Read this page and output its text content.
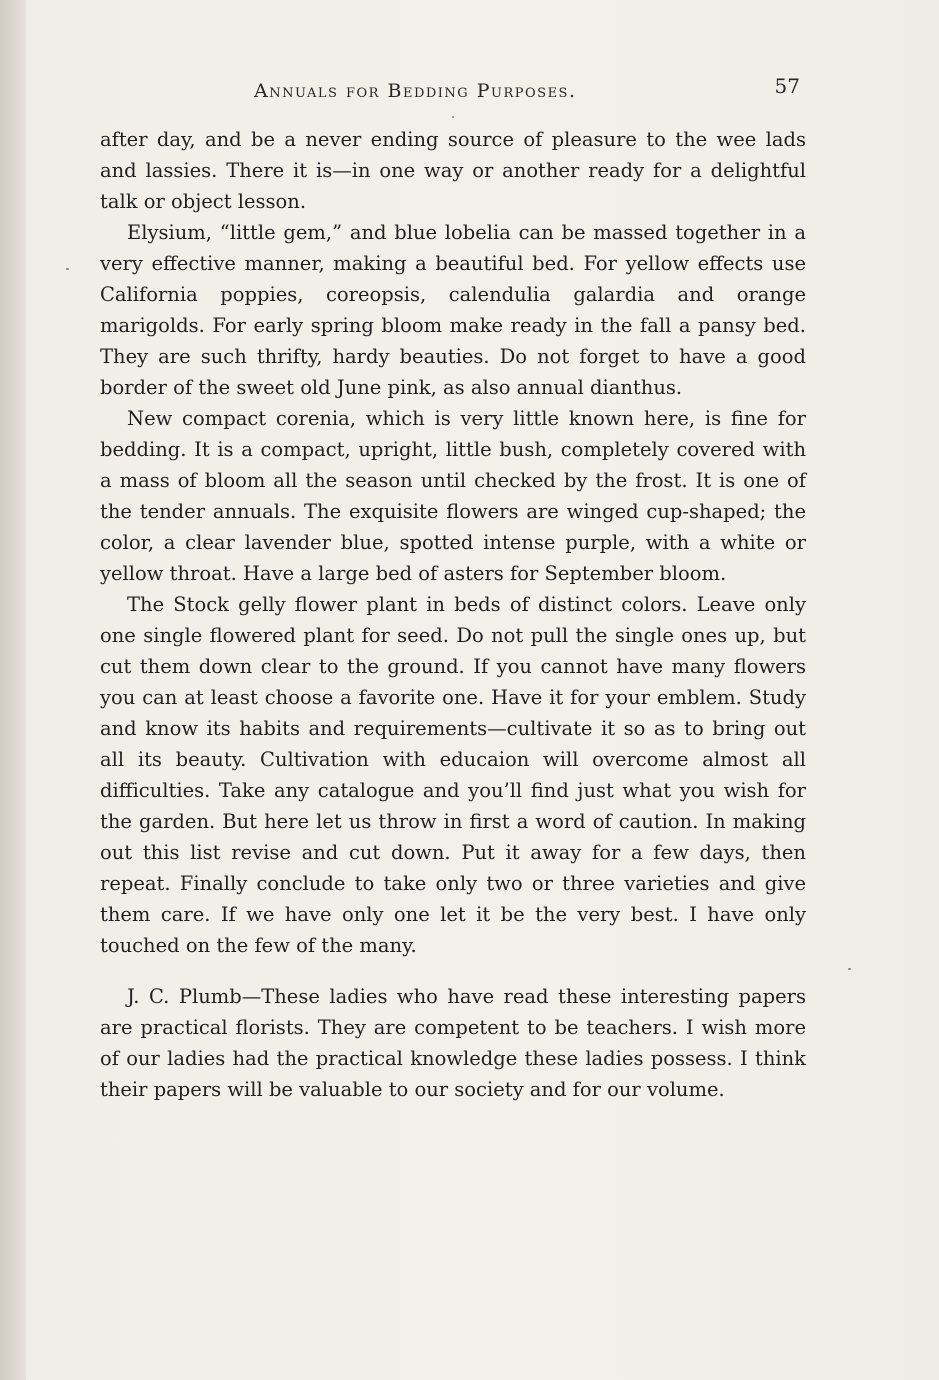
Annuals for Bedding Purposes.	57

after day, and be a never ending source of pleasure to the wee lads and lassies. There it is—in one way or another ready for a delightful talk or object lesson.

Elysium, “little gem,” and blue lobelia can be massed together in a very effective manner, making a beautiful bed. For yellow effects use California poppies, coreopsis, calendulia galardia and orange marigolds. For early spring bloom make ready in the fall a pansy bed. They are such thrifty, hardy beauties. Do not forget to have a good border of the sweet old June pink, as also annual dianthus.

New compact corenia, which is very little known here, is fine for bedding. It is a compact, upright, little bush, completely covered with a mass of bloom all the season until checked by the frost. It is one of the tender annuals. The exquisite flowers are winged cup-shaped; the color, a clear lavender blue, spotted intense purple, with a white or yellow throat. Have a large bed of asters for September bloom.

The Stock gelly flower plant in beds of distinct colors. Leave only one single flowered plant for seed. Do not pull the single ones up, but cut them down clear to the ground. If you cannot have many flowers you can at least choose a favorite one. Have it for your emblem. Study and know its habits and requirements—cultivate it so as to bring out all its beauty. Cultivation with educaion will overcome almost all difficulties. Take any catalogue and you’ll find just what you wish for the garden. But here let us throw in first a word of caution. In making out this list revise and cut down. Put it away for a few days, then repeat. Finally conclude to take only two or three varieties and give them care. If we have only one let it be the very best. I have only touched on the few of the many.

J. C. Plumb—These ladies who have read these interesting papers are practical florists. They are competent to be teachers. I wish more of our ladies had the practical knowledge these ladies possess. I think their papers will be valuable to our society and for our volume.
